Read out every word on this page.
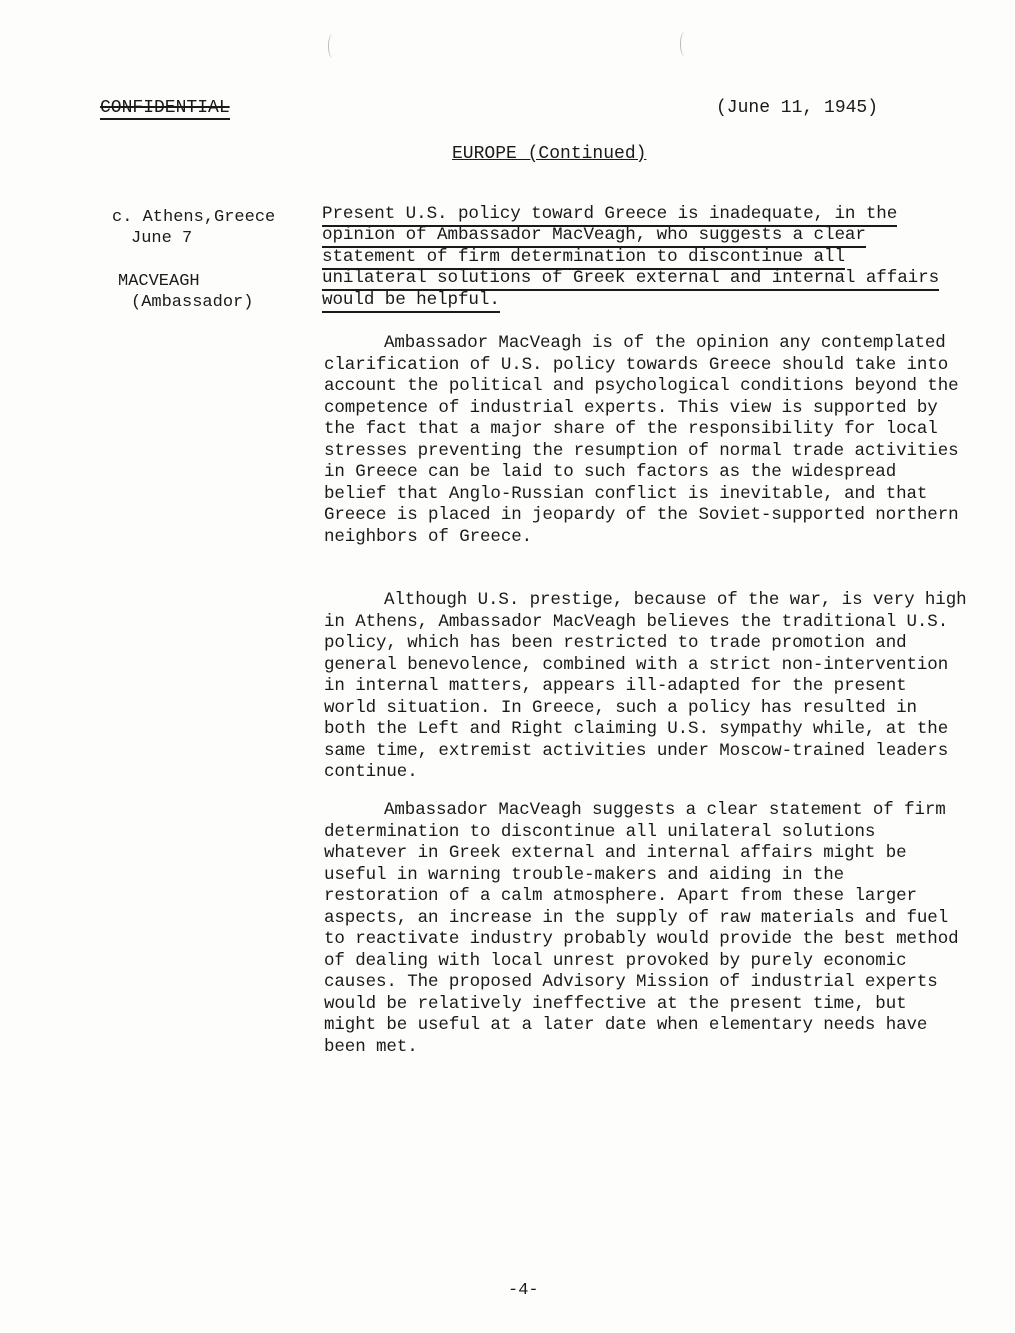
CONFIDENTIAL	(June 11, 1945)
EUROPE (Continued)
c. Athens,Greece
June 7
MACVEAGH
(Ambassador)
Present U.S. policy toward Greece is inadequate, in the opinion of Ambassador MacVeagh, who suggests a clear statement of firm determination to discontinue all unilateral solutions of Greek external and internal affairs would be helpful.

Ambassador MacVeagh is of the opinion any contemplated clarification of U.S. policy towards Greece should take into account the political and psychological conditions beyond the competence of industrial experts. This view is supported by the fact that a major share of the responsibility for local stresses preventing the resumption of normal trade activities in Greece can be laid to such factors as the widespread belief that Anglo-Russian conflict is inevitable, and that Greece is placed in jeopardy of the Soviet-supported northern neighbors of Greece.

Although U.S. prestige, because of the war, is very high in Athens, Ambassador MacVeagh believes the traditional U.S. policy, which has been restricted to trade promotion and general benevolence, combined with a strict non-intervention in internal matters, appears ill-adapted for the present world situation. In Greece, such a policy has resulted in both the Left and Right claiming U.S. sympathy while, at the same time, extremist activities under Moscow-trained leaders continue.

Ambassador MacVeagh suggests a clear statement of firm determination to discontinue all unilateral solutions whatever in Greek external and internal affairs might be useful in warning trouble-makers and aiding in the restoration of a calm atmosphere. Apart from these larger aspects, an increase in the supply of raw materials and fuel to reactivate industry probably would provide the best method of dealing with local unrest provoked by purely economic causes. The proposed Advisory Mission of industrial experts would be relatively ineffective at the present time, but might be useful at a later date when elementary needs have been met.

-4-
